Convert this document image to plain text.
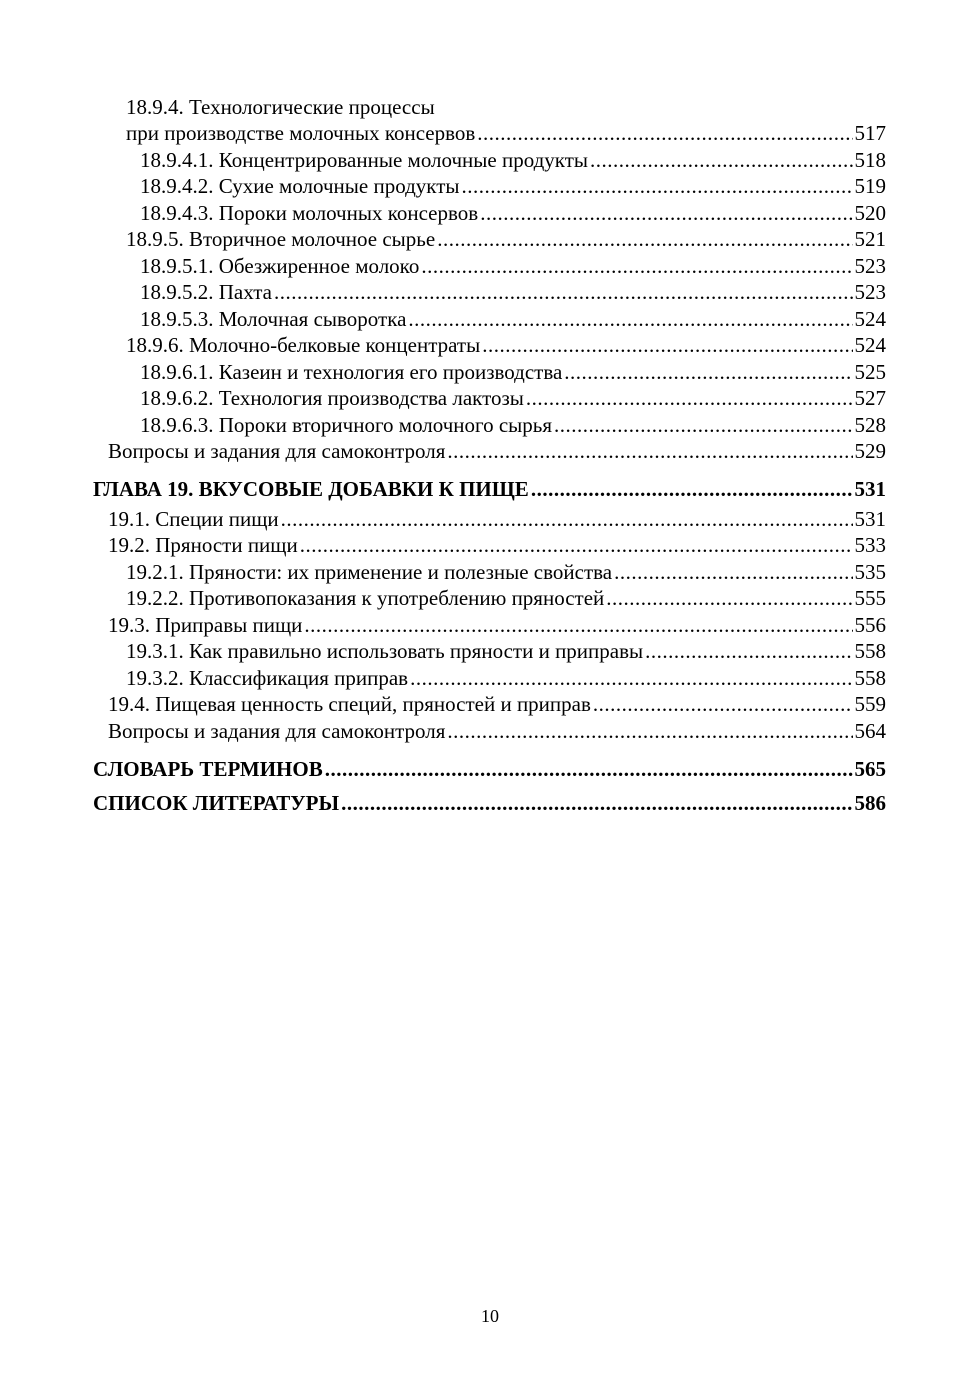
18.9.4. Технологические процессы
при производстве молочных консервов .....	517
18.9.4.1. Концентрированные молочные продукты .....	518
18.9.4.2. Сухие молочные продукты .....	519
18.9.4.3. Пороки молочных консервов .....	520
18.9.5. Вторичное молочное сырье .....	521
18.9.5.1. Обезжиренное молоко .....	523
18.9.5.2. Пахта .....	523
18.9.5.3. Молочная сыворотка .....	524
18.9.6. Молочно-белковые концентраты .....	524
18.9.6.1. Казеин и технология его производства .....	525
18.9.6.2. Технология производства лактозы .....	527
18.9.6.3. Пороки вторичного молочного сырья .....	528
Вопросы и задания для самоконтроля .....	529
ГЛАВА 19. ВКУСОВЫЕ ДОБАВКИ К ПИЩЕ .....	531
19.1. Специи пищи .....	531
19.2. Пряности пищи .....	533
19.2.1. Пряности: их применение и полезные свойства .....	535
19.2.2. Противопоказания к употреблению пряностей .....	555
19.3. Приправы пищи .....	556
19.3.1. Как правильно использовать пряности и приправы .....	558
19.3.2. Классификация приправ .....	558
19.4. Пищевая ценность специй, пряностей и приправ .....	559
Вопросы и задания для самоконтроля .....	564
СЛОВАРЬ ТЕРМИНОВ .....	565
СПИСОК ЛИТЕРАТУРЫ .....	586
10
